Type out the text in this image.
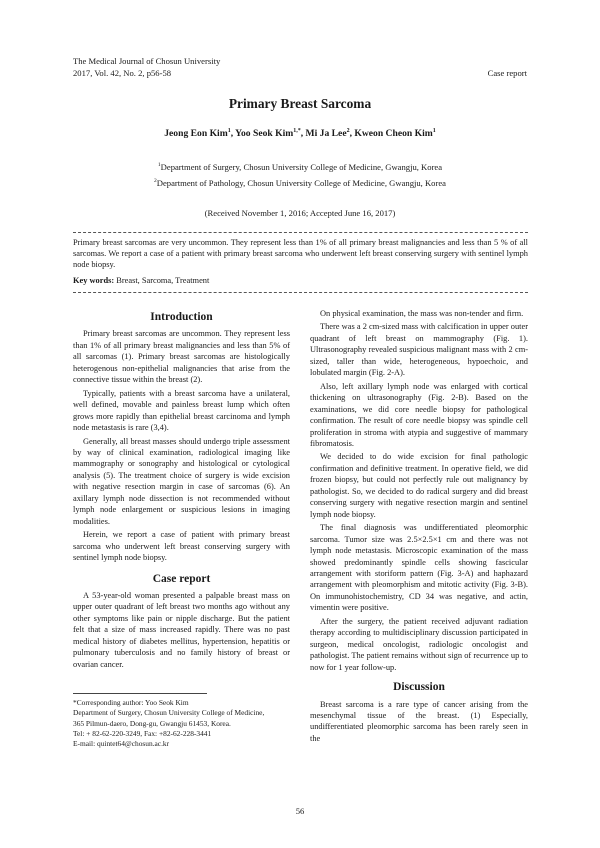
The Medical Journal of Chosun University
2017, Vol. 42, No. 2, p56-58	Case report
Primary Breast Sarcoma
Jeong Eon Kim$^1$, Yoo Seok Kim$^{1,*}$, Mi Ja Lee$^2$, Kweon Cheon Kim$^1$
$^1$Department of Surgery, Chosun University College of Medicine, Gwangju, Korea
$^2$Department of Pathology, Chosun University College of Medicine, Gwangju, Korea
(Received November 1, 2016; Accepted June 16, 2017)
Primary breast sarcomas are very uncommon. They represent less than 1% of all primary breast malignancies and less than 5 % of all sarcomas. We report a case of a patient with primary breast sarcoma who underwent left breast conserving surgery with sentinel lymph node biopsy.
Key words: Breast, Sarcoma, Treatment
Introduction

Primary breast sarcomas are uncommon. They represent less than 1% of all primary breast malignancies and less than 5% of all sarcomas (1). Primary breast sarcomas are histologically heterogenous non-epithelial malignancies that arise from the connective tissue within the breast (2).

Typically, patients with a breast sarcoma have a unilateral, well defined, movable and painless breast lump which often grows more rapidly than epithelial breast carcinoma and lymph node metastasis is rare (3,4).

Generally, all breast masses should undergo triple assessment by way of clinical examination, radiological imaging like mammography or sonography and histological or cytological analysis (5). The treatment choice of surgery is wide excision with negative resection margin in case of sarcomas (6). An axillary lymph node dissection is not recommended without lymph node enlargement or suspicious lesions in imaging modalities.

Herein, we report a case of patient with primary breast sarcoma who underwent left breast conserving surgery with sentinel lymph node biopsy.

Case report

A 53-year-old woman presented a palpable breast mass on upper outer quadrant of left breast two months ago without any other symptoms like pain or nipple discharge. But the patient felt that a size of mass increased rapidly. There was no past medical history of diabetes mellitus, hypertension, hepatitis or pulmonary tuberculosis and no family history of breast or ovarian cancer.

On physical examination, the mass was non-tender and firm.

There was a 2 cm-sized mass with calcification in upper outer quadrant of left breast on mammography (Fig. 1). Ultrasonography revealed suspicious malignant mass with 2 cm-sized, taller than wide, heterogeneous, hypoechoic, and lobulated margin (Fig. 2-A).

Also, left axillary lymph node was enlarged with cortical thickening on ultrasonography (Fig. 2-B). Based on the examinations, we did core needle biopsy for pathological confirmation. The result of core needle biopsy was spindle cell proliferation in stroma with atypia and suggestive of mammary fibromatosis.

We decided to do wide excision for final pathologic confirmation and definitive treatment. In operative field, we did frozen biopsy, but could not perfectly rule out malignancy by pathologist. So, we decided to do radical surgery and did breast conserving surgery with negative resection margin and sentinel lymph node biopsy.

The final diagnosis was undifferentiated pleomorphic sarcoma. Tumor size was 2.5×2.5×1 cm and there was not lymph node metastasis. Microscopic examination of the mass showed predominantly spindle cells showing fascicular arrangement with storiform pattern (Fig. 3-A) and haphazard arrangement with pleomorphism and mitotic activity (Fig. 3-B). On immunohistochemistry, CD 34 was negative, and actin, vimentin were positive.

After the surgery, the patient received adjuvant radiation therapy according to multidisciplinary discussion participated in surgeon, medical oncologist, radiologic oncologist and pathologist. The patient remains without sign of recurrence up to now for 1 year follow-up.

Discussion

Breast sarcoma is a rare type of cancer arising from the mesenchymal tissue of the breast. (1) Especially, undifferentiated pleomorphic sarcoma has been rarely seen in the

*Corresponding author: Yoo Seok Kim
Department of Surgery, Chosun University College of Medicine,
365 Pilmun-daero, Dong-gu, Gwangju 61453, Korea.
Tel: + 82-62-220-3249, Fax: +82-62-228-3441
E-mail: quintet64@chosun.ac.kr
56
